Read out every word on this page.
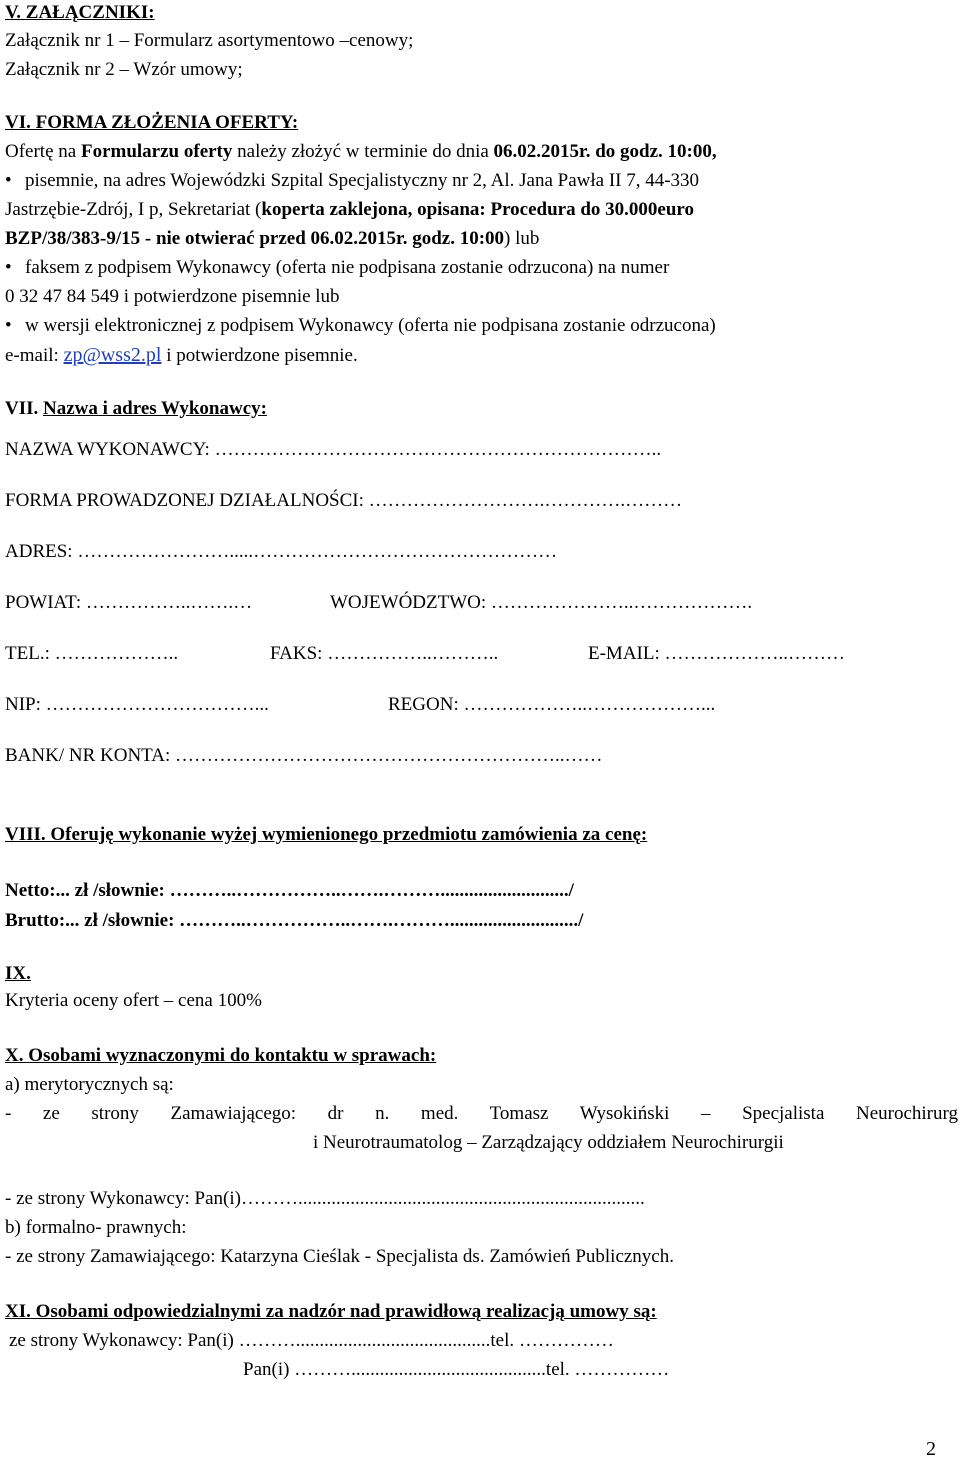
V. ZAŁĄCZNIKI:
Załącznik nr 1 – Formularz asortymentowo –cenowy;
Załącznik nr 2 – Wzór umowy;
VI. FORMA ZŁOŻENIA OFERTY:
Ofertę na Formularzu oferty należy złożyć w terminie do dnia 06.02.2015r. do godz. 10:00,
• pisemnie, na adres Wojewódzki Szpital Specjalistyczny nr 2, Al. Jana Pawła II 7, 44-330
Jastrzębie-Zdrój, I p, Sekretariat (koperta zaklejona, opisana: Procedura do 30.000euro
BZP/38/383-9/15 - nie otwierać przed 06.02.2015r. godz. 10:00) lub
• faksem z podpisem Wykonawcy (oferta nie podpisana zostanie odrzucona) na numer
0 32 47 84 549 i potwierdzone pisemnie lub
• w wersji elektronicznej z podpisem Wykonawcy (oferta nie podpisana zostanie odrzucona)
e-mail: zp@wss2.pl i potwierdzone pisemnie.
VII. Nazwa i adres Wykonawcy:
NAZWA WYKONAWCY: ……………………………………………………………..
FORMA PROWADZONEJ DZIAŁALNOŚCI: ……………………….………….………
ADRES: …………………….....…………………………………………
POWIAT: ……………..…….…	WOJEWÓDZTWO: …………………..……………….
TEL.: ………………..	FAKS: ……………..………..	E-MAIL: ………………..………
NIP: ……………………………...	REGON: ………………..………………...
BANK/ NR KONTA: ……………………………………………………..……
VIII. Oferuję wykonanie wyżej wymienionego przedmiotu zamówienia za cenę:
Netto:... zł /słownie: ………..……………..…….……….........................../
Brutto:... zł /słownie: ………..……………..…….……….........................../
IX.
Kryteria oceny ofert – cena 100%
X. Osobami wyznaczonymi do kontaktu w sprawach:
a) merytorycznych są:
- ze strony Zamawiającego: dr n. med. Tomasz Wysokiński – Specjalista Neurochirurg
i Neurotraumatolog – Zarządzający oddziałem Neurochirurgii
- ze strony Wykonawcy: Pan(i)……….........................................................................
b) formalno- prawnych:
- ze strony Zamawiającego: Katarzyna Cieślak - Specjalista ds. Zamówień Publicznych.
XI. Osobami odpowiedzialnymi za nadzór nad prawidłową realizacją umowy są:
ze strony Wykonawcy: Pan(i) ……….........................................tel. ……………
Pan(i) ……….........................................tel. ……………
2
